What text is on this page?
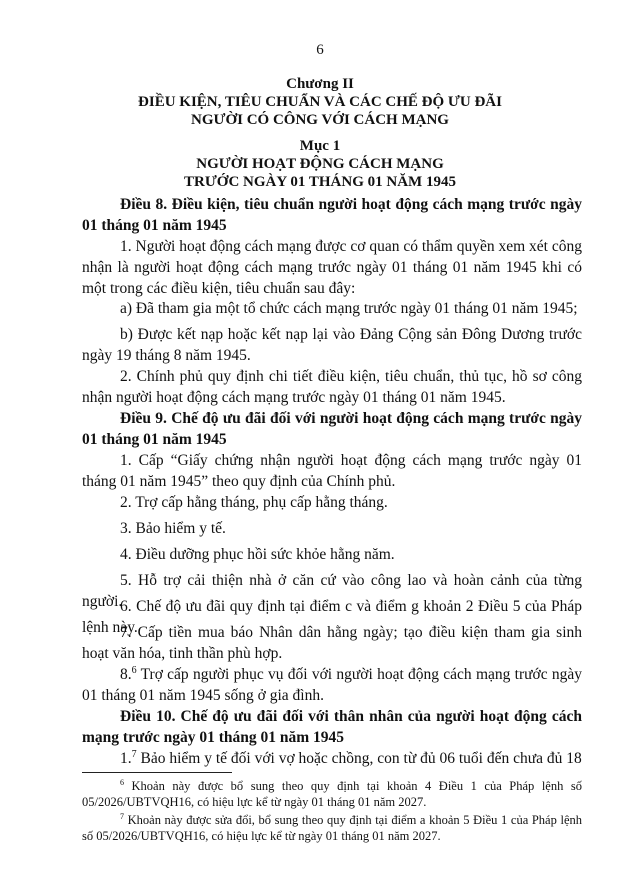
6
Chương II
ĐIỀU KIỆN, TIÊU CHUẨN VÀ CÁC CHẾ ĐỘ ƯU ĐÃI
NGƯỜI CÓ CÔNG VỚI CÁCH MẠNG
Mục 1
NGƯỜI HOẠT ĐỘNG CÁCH MẠNG
TRƯỚC NGÀY 01 THÁNG 01 NĂM 1945
Điều 8. Điều kiện, tiêu chuẩn người hoạt động cách mạng trước ngày 01 tháng 01 năm 1945
1. Người hoạt động cách mạng được cơ quan có thẩm quyền xem xét công nhận là người hoạt động cách mạng trước ngày 01 tháng 01 năm 1945 khi có một trong các điều kiện, tiêu chuẩn sau đây:
a) Đã tham gia một tổ chức cách mạng trước ngày 01 tháng 01 năm 1945;
b) Được kết nạp hoặc kết nạp lại vào Đảng Cộng sản Đông Dương trước ngày 19 tháng 8 năm 1945.
2. Chính phủ quy định chi tiết điều kiện, tiêu chuẩn, thủ tục, hồ sơ công nhận người hoạt động cách mạng trước ngày 01 tháng 01 năm 1945.
Điều 9. Chế độ ưu đãi đối với người hoạt động cách mạng trước ngày 01 tháng 01 năm 1945
1. Cấp “Giấy chứng nhận người hoạt động cách mạng trước ngày 01 tháng 01 năm 1945” theo quy định của Chính phủ.
2. Trợ cấp hằng tháng, phụ cấp hằng tháng.
3. Bảo hiểm y tế.
4. Điều dưỡng phục hồi sức khỏe hằng năm.
5. Hỗ trợ cải thiện nhà ở căn cứ vào công lao và hoàn cảnh của từng người.
6. Chế độ ưu đãi quy định tại điểm c và điểm g khoản 2 Điều 5 của Pháp lệnh này.
7. Cấp tiền mua báo Nhân dân hằng ngày; tạo điều kiện tham gia sinh hoạt văn hóa, tinh thần phù hợp.
8.$^6$ Trợ cấp người phục vụ đối với người hoạt động cách mạng trước ngày 01 tháng 01 năm 1945 sống ở gia đình.
Điều 10. Chế độ ưu đãi đối với thân nhân của người hoạt động cách mạng trước ngày 01 tháng 01 năm 1945
1.$^7$ Bảo hiểm y tế đối với vợ hoặc chồng, con từ đủ 06 tuổi đến chưa đủ 18
$^6$ Khoản này được bổ sung theo quy định tại khoản 4 Điều 1 của Pháp lệnh số 05/2026/UBTVQH16, có hiệu lực kể từ ngày 01 tháng 01 năm 2027.
$^7$ Khoản này được sửa đổi, bổ sung theo quy định tại điểm a khoản 5 Điều 1 của Pháp lệnh số 05/2026/UBTVQH16, có hiệu lực kể từ ngày 01 tháng 01 năm 2027.
